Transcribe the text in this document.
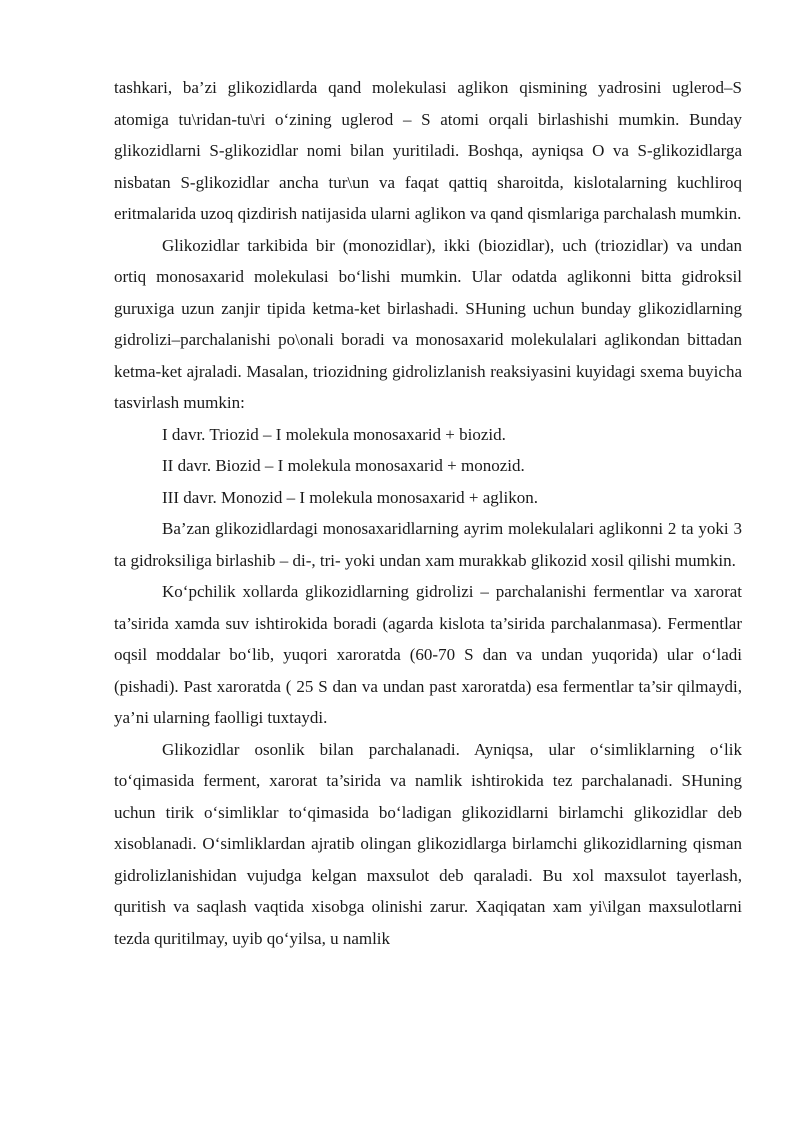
tashkari, ba’zi glikozidlarda qand molekulasi aglikon qismining yadrosini uglerod–S atomiga tu\ridan-tu\ri o‘zining uglerod – S atomi orqali birlashishi mumkin. Bunday glikozidlarni S-glikozidlar nomi bilan yuritiladi. Boshqa, ayniqsa O va S-glikozidlarga nisbatan S-glikozidlar ancha tur\un va faqat qattiq sharoitda, kislotalarning kuchliroq eritmalarida uzoq qizdirish natijasida ularni aglikon va qand qismlariga parchalash mumkin.

Glikozidlar tarkibida bir (monozidlar), ikki (biozidlar), uch (triozidlar) va undan ortiq monosaxarid molekulasi bo‘lishi mumkin. Ular odatda aglikonni bitta gidroksil guruxiga uzun zanjir tipida ketma-ket birlashadi. SHuning uchun bunday glikozidlarning gidrolizi–parchalanishi po\onali boradi va monosaxarid molekulalari aglikondan bittadan ketma-ket ajraladi. Masalan, triozidning gidrolizlanish reaksiyasini kuyidagi sxema buyicha tasvirlash mumkin:

I davr. Triozid – I molekula monosaxarid + biozid.

II davr. Biozid – I molekula monosaxarid + monozid.

III davr. Monozid – I molekula monosaxarid + aglikon.

Ba’zan glikozidlardagi monosaxaridlarning ayrim molekulalari aglikonni 2 ta yoki 3 ta gidroksiliga birlashib – di-, tri- yoki undan xam murakkab glikozid xosil qilishi mumkin.

Ko‘pchilik xollarda glikozidlarning gidrolizi – parchalanishi fermentlar va xarorat ta’sirida xamda suv ishtirokida boradi (agarda kislota ta’sirida parchalanmasa). Fermentlar oqsil moddalar bo‘lib, yuqori xaroratda (60-70 S dan va undan yuqorida) ular o‘ladi (pishadi). Past xaroratda ( 25 S dan va undan past xaroratda) esa fermentlar ta’sir qilmaydi, ya’ni ularning faolligi tuxtaydi.

Glikozidlar osonlik bilan parchalanadi. Ayniqsa, ular o‘simliklarning o‘lik to‘qimasida ferment, xarorat ta’sirida va namlik ishtirokida tez parchalanadi. SHuning uchun tirik o‘simliklar to‘qimasida bo‘ladigan glikozidlarni birlamchi glikozidlar deb xisoblanadi. O‘simliklardan ajratib olingan glikozidlarga birlamchi glikozidlarning qisman gidrolizlanishidan vujudga kelgan maxsulot deb qaraladi. Bu xol maxsulot tayerlash, quritish va saqlash vaqtida xisobga olinishi zarur. Xaqiqatan xam yi\ilgan maxsulotlarni tezda quritilmay, uyib qo‘yilsa, u namlik
